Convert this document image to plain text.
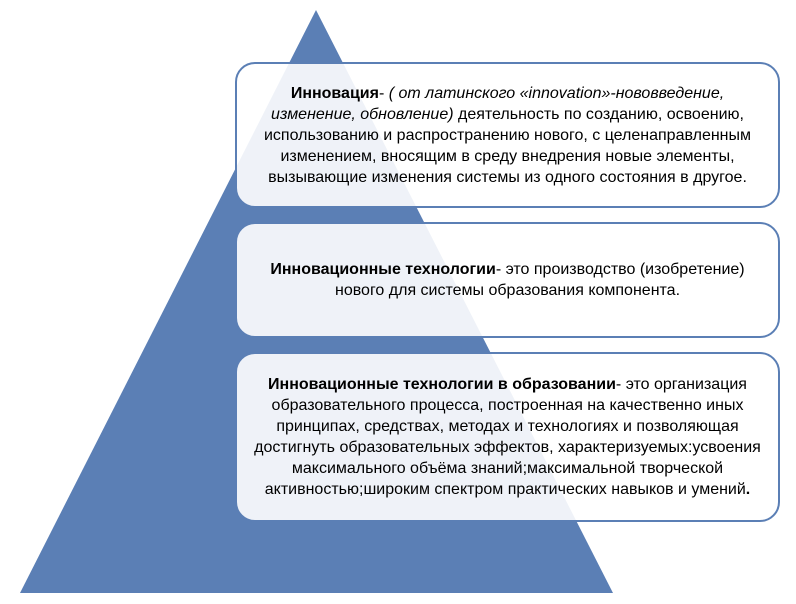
Инновация- ( от латинского «innovation»-нововведение, изменение, обновление) деятельность по созданию, освоению, использованию и распространению нового, с целенаправленным изменением, вносящим в среду внедрения новые элементы, вызывающие изменения системы из одного состояния в другое.

Инновационные технологии- это производство (изобретение) нового для системы образования компонента.

Инновационные технологии в образовании- это организация образовательного процесса, построенная на качественно иных принципах, средствах, методах и технологиях и позволяющая достигнуть образовательных эффектов, характеризуемых:усвоения максимального объёма знаний;максимальной творческой активностью;широким спектром практических навыков и умений.
